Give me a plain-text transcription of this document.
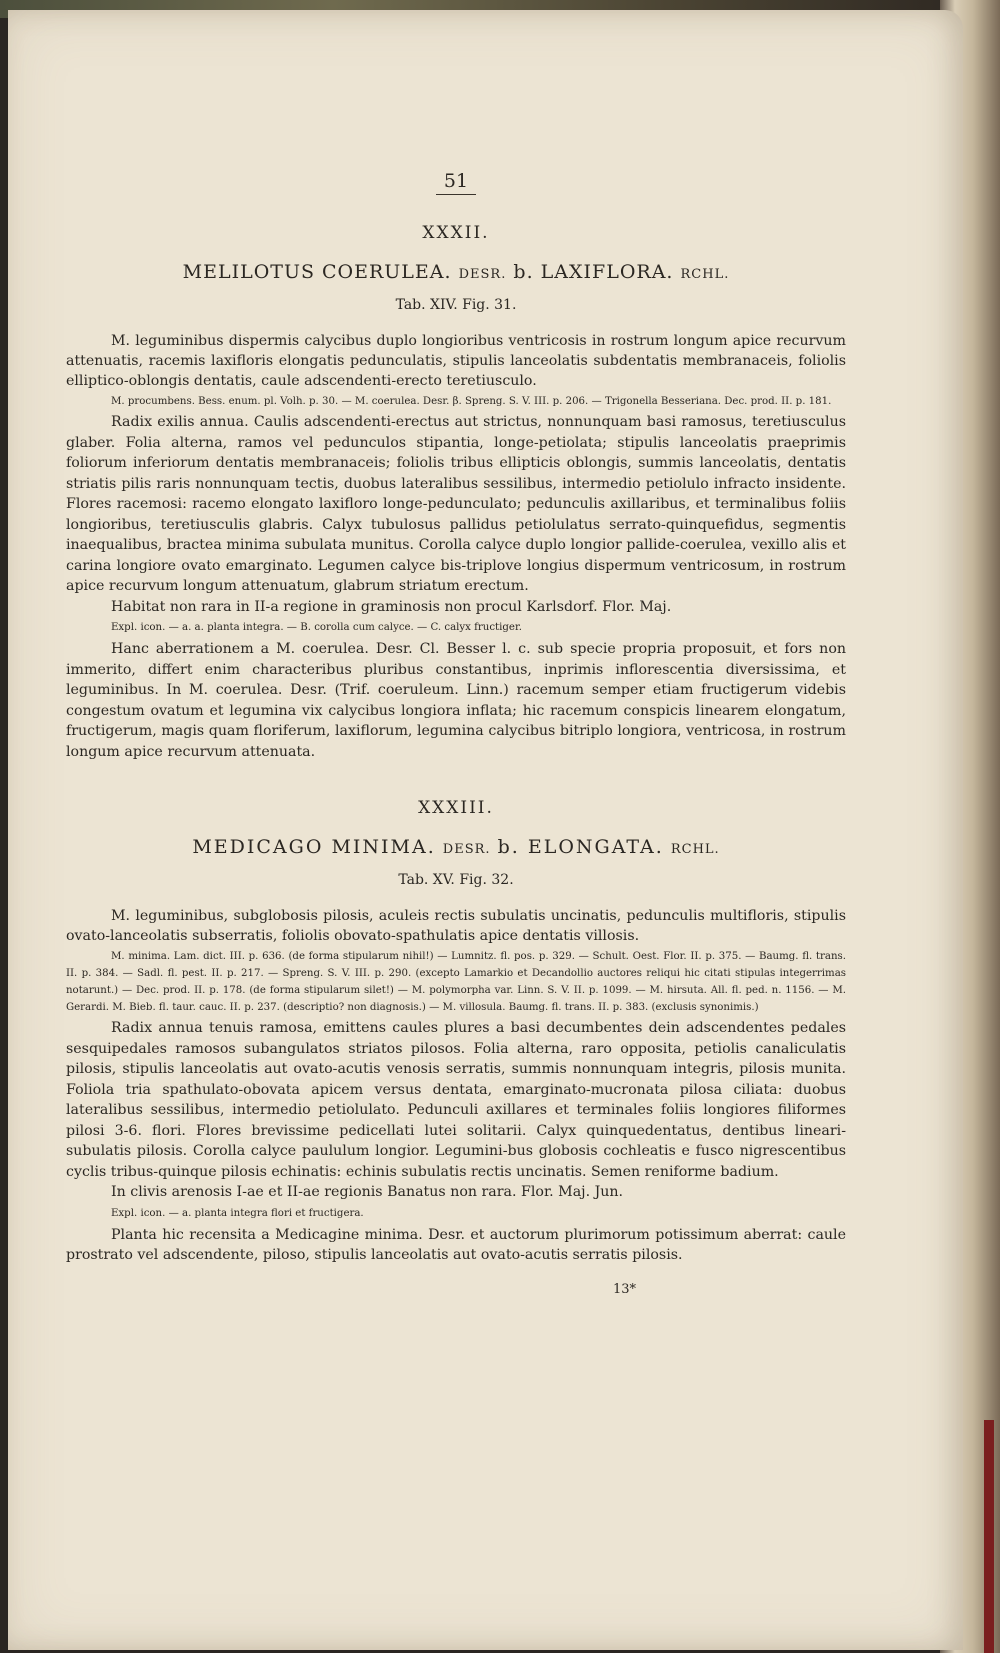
51
XXXII.
MELILOTUS COERULEA. DESR. b. LAXIFLORA. RCHL.
Tab. XIV. Fig. 31.

M. leguminibus dispermis calycibus duplo longioribus ventricosis in rostrum longum apice recurvum attenuatis, racemis laxifloris elongatis pedunculatis, stipulis lanceolatis subdentatis membranaceis, foliolis elliptico-oblongis dentatis, caule adscendenti-erecto teretiusculo.

M. procumbens. Bess. enum. pl. Volh. p. 30. — M. coerulea. Desr. β. Spreng. S. V. III. p. 206. — Trigonella Besseriana. Dec. prod. II. p. 181.

Radix exilis annua. Caulis adscendenti-erectus aut strictus, nonnunquam basi ramosus, teretiusculus glaber. Folia alterna, ramos vel pedunculos stipantia, longe-petiolata; stipulis lanceolatis praeprimis foliorum inferiorum dentatis membranaceis; foliolis tribus ellipticis oblongis, summis lanceolatis, dentatis striatis pilis raris nonnunquam tectis, duobus lateralibus sessilibus, intermedio petiolulo infracto insidente. Flores racemosi: racemo elongato laxifloro longe-pedunculato; pedunculis axillaribus, et terminalibus foliis longioribus, teretiusculis glabris. Calyx tubulosus pallidus petiolulatus serrato-quinquefidus, segmentis inaequalibus, bractea minima subulata munitus. Corolla calyce duplo longior pallide-coerulea, vexillo alis et carina longiore ovato emarginato. Legumen calyce bis-triplove longius dispermum ventricosum, in rostrum apice recurvum longum attenuatum, glabrum striatum erectum.

Habitat non rara in II-a regione in graminosis non procul Karlsdorf. Flor. Maj.

Expl. icon. — a. a. planta integra. — B. corolla cum calyce. — C. calyx fructiger.

Hanc aberrationem a M. coerulea. Desr. Cl. Besser l. c. sub specie propria proposuit, et fors non immerito, differt enim characteribus pluribus constantibus, inprimis inflorescentia diversissima, et leguminibus. In M. coerulea. Desr. (Trif. coeruleum. Linn.) racemum semper etiam fructigerum videbis congestum ovatum et legumina vix calycibus longiora inflata; hic racemum conspicis linearem elongatum, fructigerum, magis quam floriferum, laxiflorum, legumina calycibus bitriplo longiora, ventricosa, in rostrum longum apice recurvum attenuata.

XXXIII.
MEDICAGO MINIMA. DESR. b. ELONGATA. RCHL.
Tab. XV. Fig. 32.

M. leguminibus, subglobosis pilosis, aculeis rectis subulatis uncinatis, pedunculis multifloris, stipulis ovato-lanceolatis subserratis, foliolis obovato-spathulatis apice dentatis villosis.

M. minima. Lam. dict. III. p. 636. (de forma stipularum nihil!) — Lumnitz. fl. pos. p. 329. — Schult. Oest. Flor. II. p. 375. — Baumg. fl. trans. II. p. 384. — Sadl. fl. pest. II. p. 217. — Spreng. S. V. III. p. 290. (excepto Lamarkio et Decandollio auctores reliqui hic citati stipulas integerrimas notarunt.) — Dec. prod. II. p. 178. (de forma stipularum silet!) — M. polymorpha var. Linn. S. V. II. p. 1099. — M. hirsuta. All. fl. ped. n. 1156. — M. Gerardi. M. Bieb. fl. taur. cauc. II. p. 237. (descriptio? non diagnosis.) — M. villosula. Baumg. fl. trans. II. p. 383. (exclusis synonimis.)

Radix annua tenuis ramosa, emittens caules plures a basi decumbentes dein adscendentes pedales sesquipedales ramosos subangulatos striatos pilosos. Folia alterna, raro opposita, petiolis canaliculatis pilosis, stipulis lanceolatis aut ovato-acutis venosis serratis, summis nonnunquam integris, pilosis munita. Foliola tria spathulato-obovata apicem versus dentata, emarginato-mucronata pilosa ciliata: duobus lateralibus sessilibus, intermedio petiolulato. Pedunculi axillares et terminales foliis longiores filiformes pilosi 3-6. flori. Flores brevissime pedicellati lutei solitarii. Calyx quinquedentatus, dentibus lineari-subulatis pilosis. Corolla calyce paululum longior. Legumini-bus globosis cochleatis e fusco nigrescentibus cyclis tribus-quinque pilosis echinatis: echinis subulatis rectis uncinatis. Semen reniforme badium.

In clivis arenosis I-ae et II-ae regionis Banatus non rara. Flor. Maj. Jun.

Expl. icon. — a. planta integra flori et fructigera.

Planta hic recensita a Medicagine minima. Desr. et auctorum plurimorum potissimum aberrat: caule prostrato vel adscendente, piloso, stipulis lanceolatis aut ovato-acutis serratis pilosis.

13*
